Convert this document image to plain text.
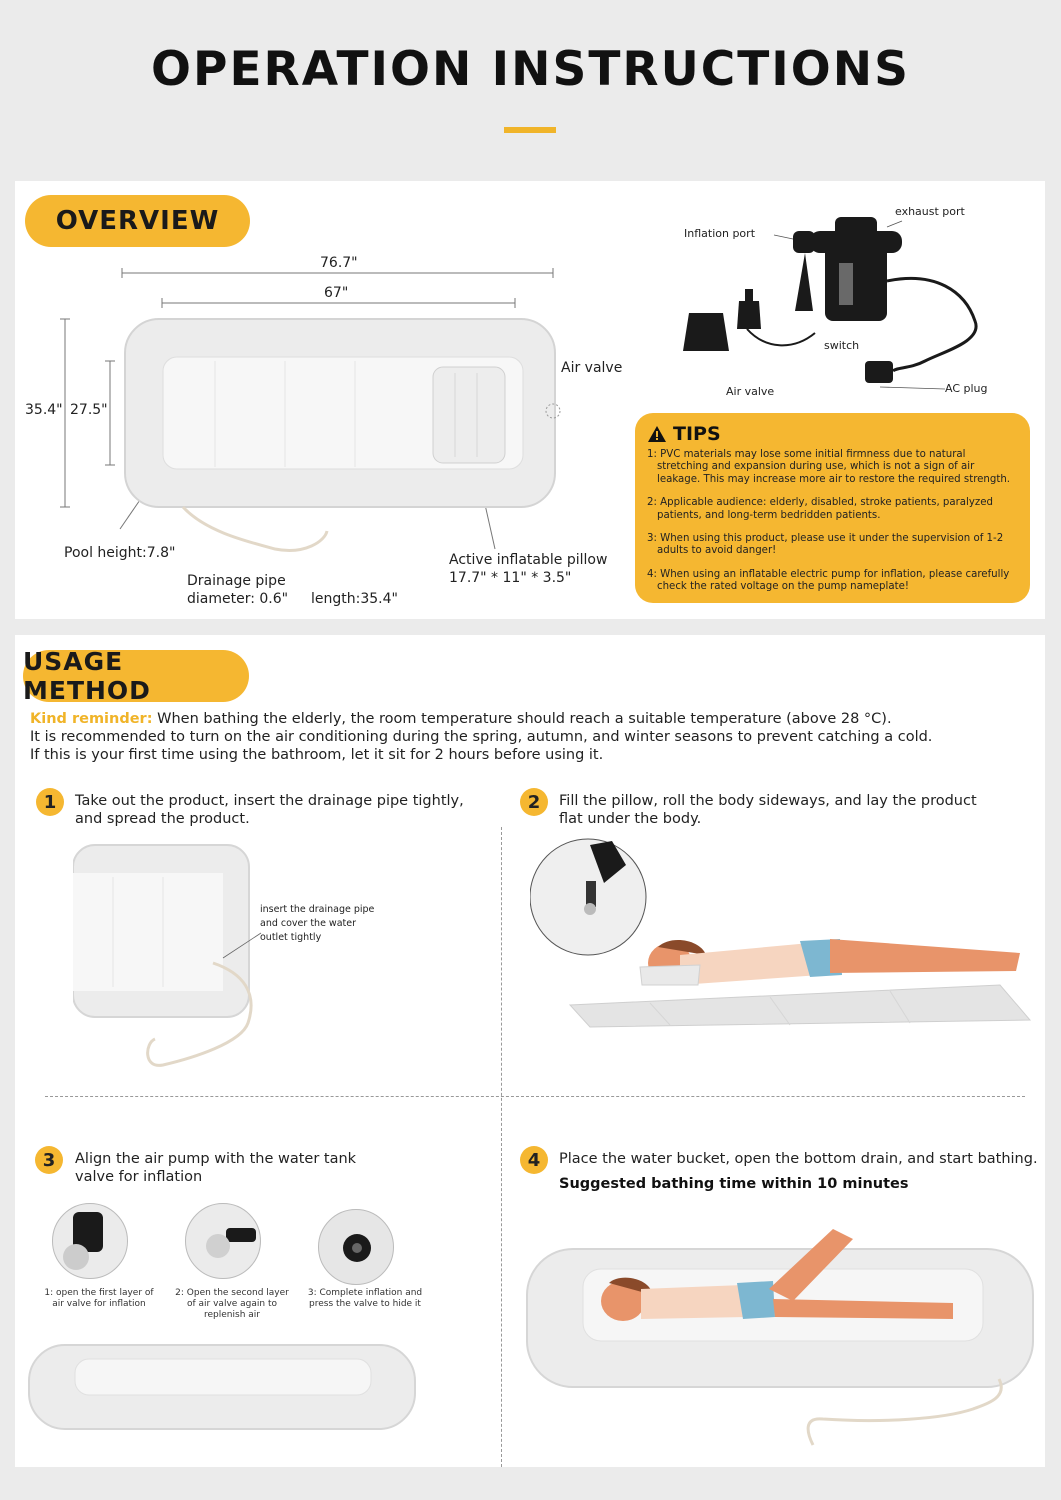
OPERATION INSTRUCTIONS
OVERVIEW
76.7"
67"
35.4" 27.5"
Air valve
Pool height:7.8"
Drainage pipe
diameter: 0.6" length:35.4"
Active inflatable pillow
17.7" * 11" * 3.5"
exhaust port
Inflation port
switch
Air valve	AC plug
TIPS
1: PVC materials may lose some initial firmness due to natural stretching and expansion during use, which is not a sign of air leakage. This may increase more air to restore the required strength.
2: Applicable audience: elderly, disabled, stroke patients, paralyzed patients, and long-term bedridden patients.
3: When using this product, please use it under the supervision of 1-2 adults to avoid danger!
4: When using an inflatable electric pump for inflation, please carefully check the rated voltage on the pump nameplate!
USAGE METHOD
Kind reminder: When bathing the elderly, the room temperature should reach a suitable temperature (above 28 °C).
It is recommended to turn on the air conditioning during the spring, autumn, and winter seasons to prevent catching a cold.
If this is your first time using the bathroom, let it sit for 2 hours before using it.
1	Take out the product, insert the drainage pipe tightly, and spread the product.
insert the drainage pipe and cover the water outlet tightly
2	Fill the pillow, roll the body sideways, and lay the product flat under the body.
3	Align the air pump with the water tank valve for inflation
1: open the first layer of air valve for inflation
2: Open the second layer of air valve again to replenish air
3: Complete inflation and press the valve to hide it
4	Place the water bucket, open the bottom drain, and start bathing.
Suggested bathing time within 10 minutes
